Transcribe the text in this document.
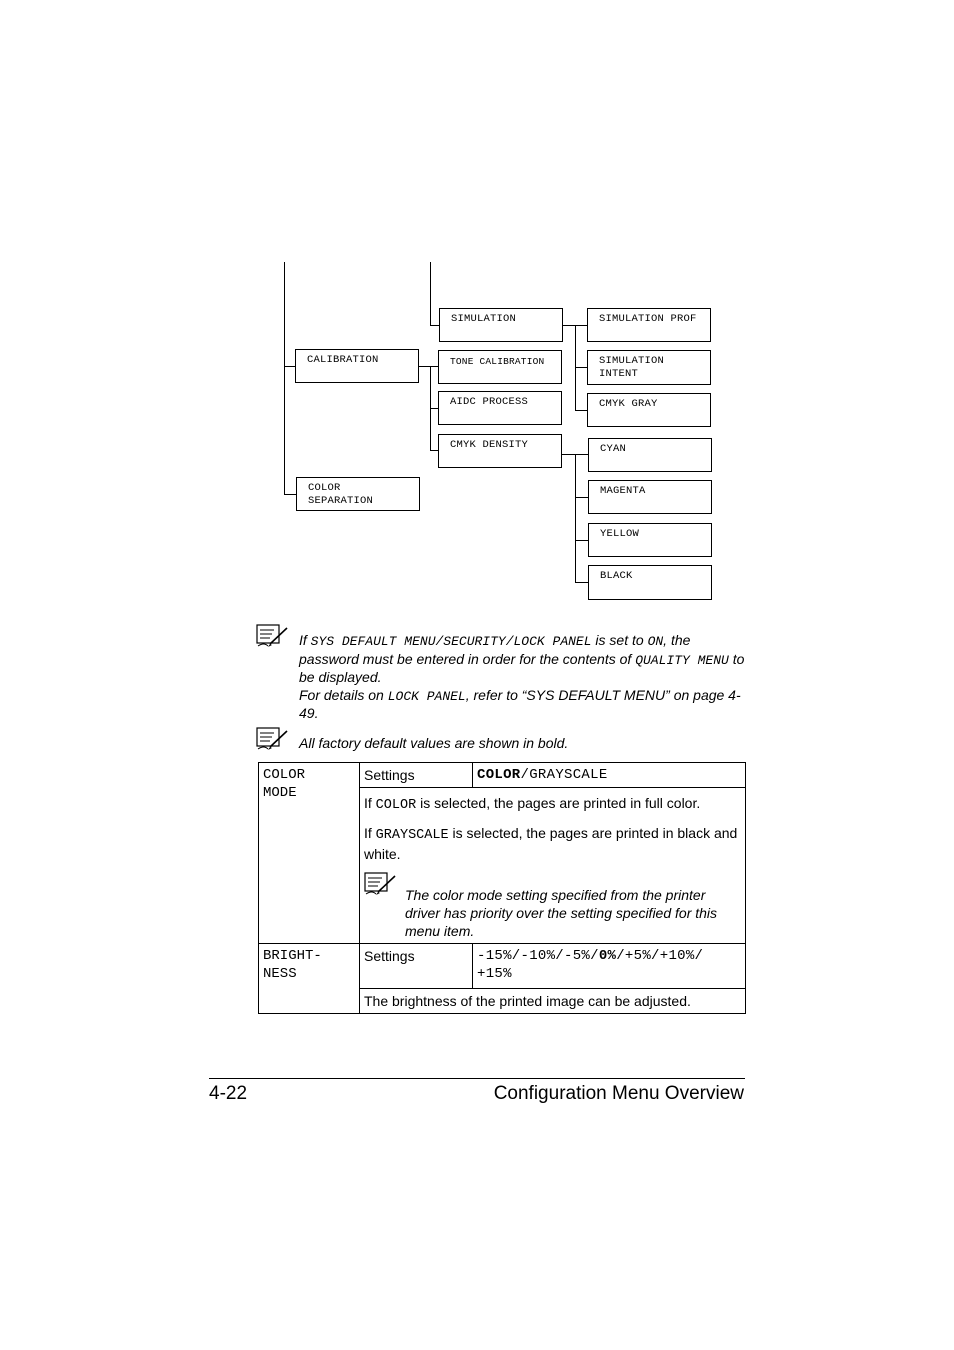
CALIBRATION
COLOR
SEPARATION
SIMULATION
TONE CALIBRATION
AIDC PROCESS
CMYK DENSITY
SIMULATION PROF
SIMULATION
INTENT
CMYK GRAY
CYAN
MAGENTA
YELLOW
BLACK
If SYS DEFAULT MENU/SECURITY/LOCK PANEL is set to ON, the password must be entered in order for the contents of QUALITY MENU to be displayed.
For details on LOCK PANEL, refer to “SYS DEFAULT MENU” on page 4-49.
All factory default values are shown in bold.
COLOR
MODE	Settings	COLOR/GRAYSCALE

	If COLOR is selected, the pages are printed in full color.

If GRAYSCALE is selected, the pages are printed in black and white.

The color mode setting specified from the printer driver has priority over the setting specified for this menu item.	

BRIGHT-
NESS	Settings	-15%/-10%/-5%/0%/+5%/+10%/
+15%
	The brightness of the printed image can be adjusted.	
4-22	Configuration Menu Overview
